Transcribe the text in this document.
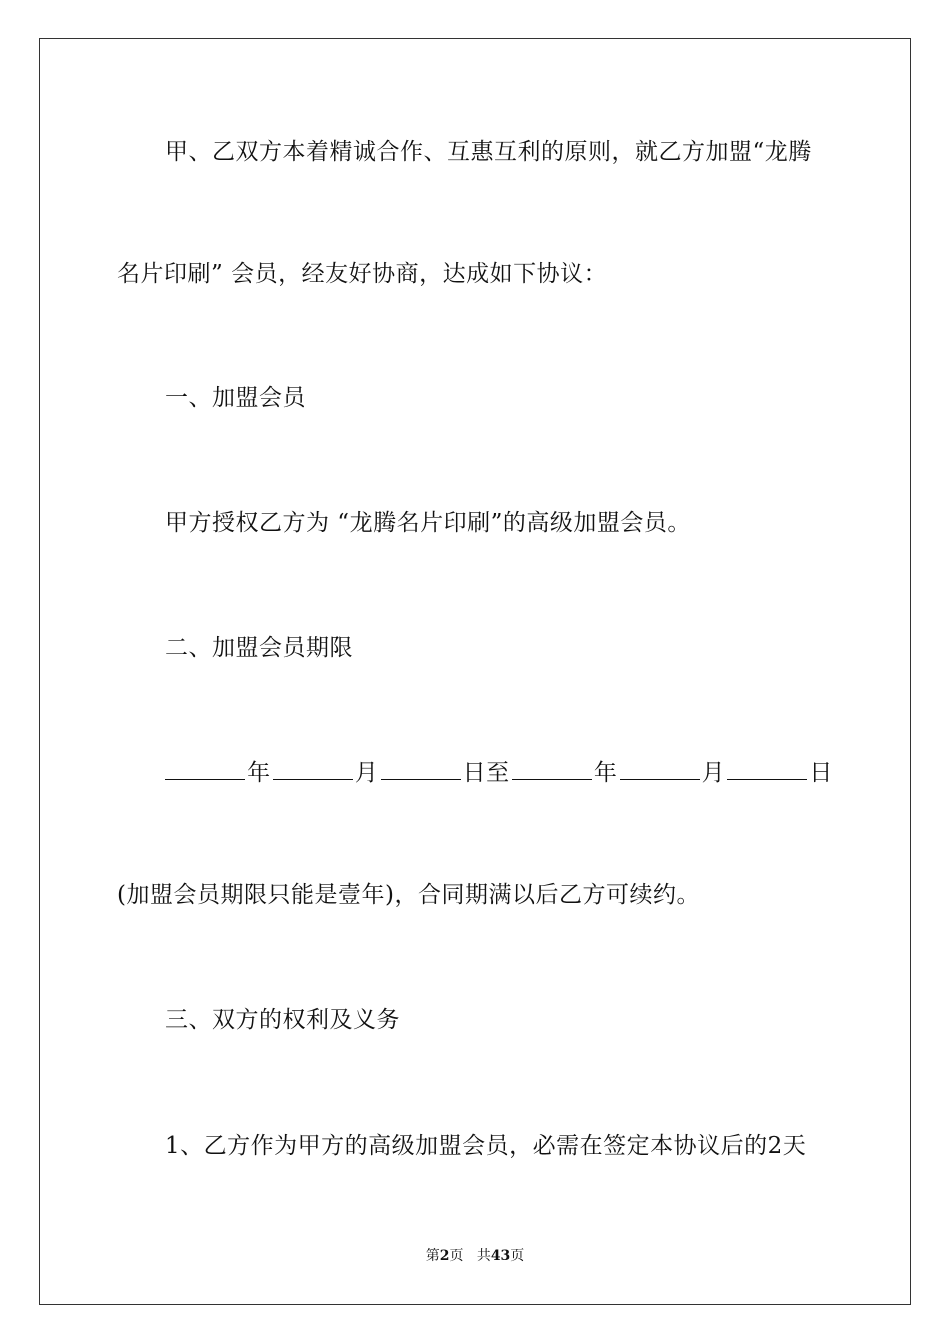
甲、乙双方本着精诚合作、互惠互利的原则，就乙方加盟“龙腾
名片印刷” 会员，经友好协商，达成如下协议：
一、加盟会员
甲方授权乙方为 “龙腾名片印刷”的高级加盟会员。
二、加盟会员期限
年	月	日至	年	月	日
(加盟会员期限只能是壹年)，合同期满以后乙方可续约。
三、双方的权利及义务
1、乙方作为甲方的高级加盟会员，必需在签定本协议后的2天
第2页 共43页
